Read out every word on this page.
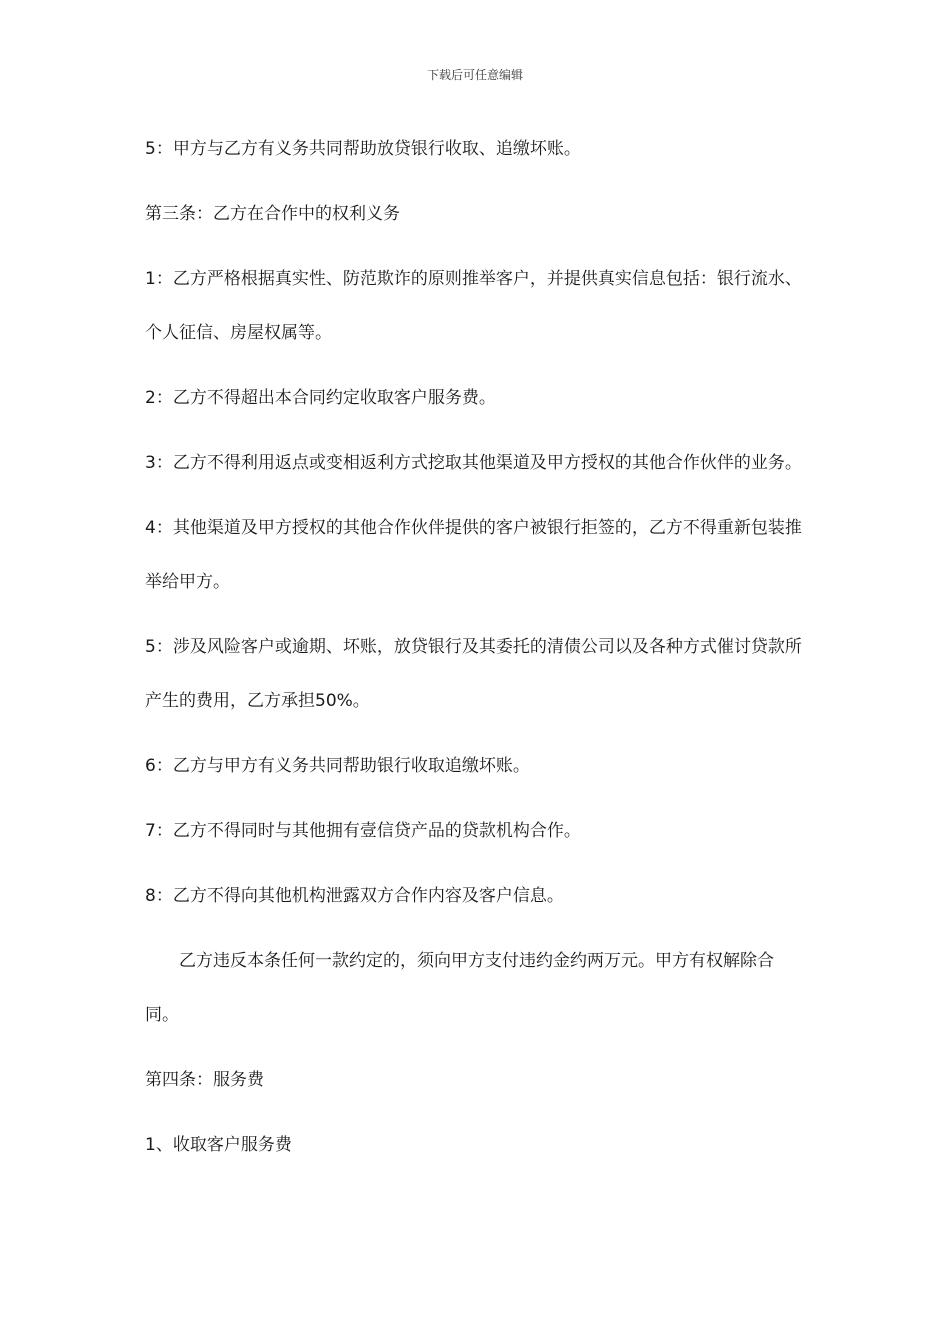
下载后可任意编辑

5：甲方与乙方有义务共同帮助放贷银行收取、追缴坏账。

第三条：乙方在合作中的权利义务

1：乙方严格根据真实性、防范欺诈的原则推举客户，并提供真实信息包括：银行流水、个人征信、房屋权属等。

2：乙方不得超出本合同约定收取客户服务费。

3：乙方不得利用返点或变相返利方式挖取其他渠道及甲方授权的其他合作伙伴的业务。

4：其他渠道及甲方授权的其他合作伙伴提供的客户被银行拒签的，乙方不得重新包装推举给甲方。

5：涉及风险客户或逾期、坏账，放贷银行及其委托的清债公司以及各种方式催讨贷款所产生的费用，乙方承担50%。

6：乙方与甲方有义务共同帮助银行收取追缴坏账。

7：乙方不得同时与其他拥有壹信贷产品的贷款机构合作。

8：乙方不得向其他机构泄露双方合作内容及客户信息。

乙方违反本条任何一款约定的，须向甲方支付违约金约两万元。甲方有权解除合同。

第四条：服务费

1、收取客户服务费
